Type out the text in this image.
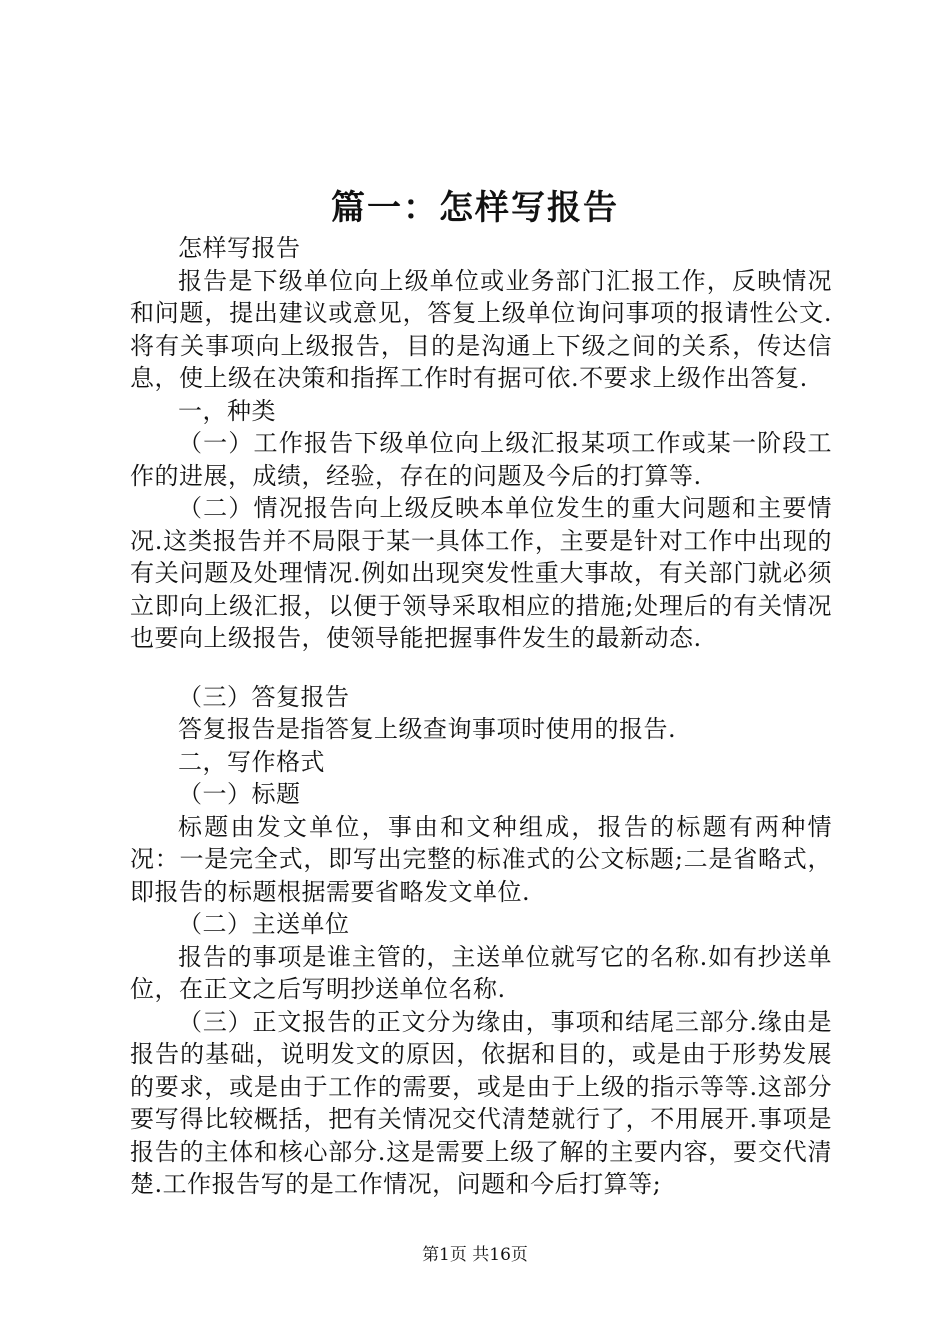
篇一：怎样写报告

怎样写报告

报告是下级单位向上级单位或业务部门汇报工作，反映情况和问题，提出建议或意见，答复上级单位询问事项的报请性公文.将有关事项向上级报告，目的是沟通上下级之间的关系，传达信息，使上级在决策和指挥工作时有据可依.不要求上级作出答复.

一，种类

（一）工作报告下级单位向上级汇报某项工作或某一阶段工作的进展，成绩，经验，存在的问题及今后的打算等.

（二）情况报告向上级反映本单位发生的重大问题和主要情况.这类报告并不局限于某一具体工作，主要是针对工作中出现的有关问题及处理情况.例如出现突发性重大事故，有关部门就必须立即向上级汇报，以便于领导采取相应的措施;处理后的有关情况也要向上级报告，使领导能把握事件发生的最新动态.

（三）答复报告

答复报告是指答复上级查询事项时使用的报告.

二，写作格式

（一）标题

标题由发文单位，事由和文种组成，报告的标题有两种情况：一是完全式，即写出完整的标准式的公文标题;二是省略式，即报告的标题根据需要省略发文单位.

（二）主送单位

报告的事项是谁主管的，主送单位就写它的名称.如有抄送单位，在正文之后写明抄送单位名称.

（三）正文报告的正文分为缘由，事项和结尾三部分.缘由是报告的基础，说明发文的原因，依据和目的，或是由于形势发展的要求，或是由于工作的需要，或是由于上级的指示等等.这部分要写得比较概括，把有关情况交代清楚就行了，不用展开.事项是报告的主体和核心部分.这是需要上级了解的主要内容，要交代清楚.工作报告写的是工作情况，问题和今后打算等;

第1页 共16页
